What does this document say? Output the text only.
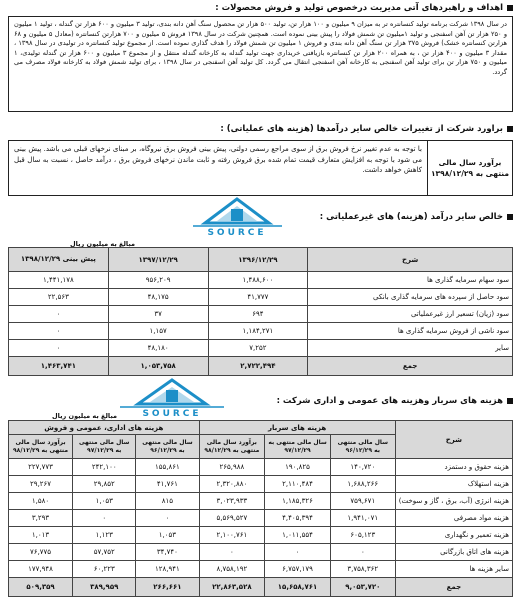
اهداف و راهبردهای آتی مدیریت درخصوص تولید و فروش محصولات :
در سال ۱۳۹۸ شرکت برنامه تولید کنسانتره تر به میزان ۹ میلیون و ۱۰۰ هزار تن، تولید ۵۰۰ هزار تن محصول سنگ آهن دانه بندی، تولید ۳ میلیون و ۶۰۰ هزار تن گندله ، تولید ۱ میلیون و ۲۵۰ هزار تن آهن اسفنجی و تولید ۱میلیون تن شمش فولاد را پیش بینی نموده است. همچنین شرکت در سال ۱۳۹۸ فروش ۵ میلیون و ۷۰۰ هزارتن کنسانتره (معادل ۵ میلیون و ۶۸ هزارتن کنسانتره خشک) فروش ۳۷۵ هزار تن سنگ آهن دانه بندی و فروش ۱ میلیون تن شمش فولاد را هدف گذاری نموده است. از مجموع تولید کنسانتره در تولیدی در سال ۱۳۹۸ ، مقدار ۳ میلیون و ۴۰۰ هزار تن ، به همراه ۲۰۰ هزار تن کنسانتره بازیافتی خریداری جهت تولید گندله به کارخانه گندله منتقل و از مجموع ۳ میلیون و ۶۰۰ هزار تن گندله تولیدی، ۱ میلیون و ۷۵۰ هزار تن برای تولید آهن اسفنجی به کارخانه آهن اسفنجی انتقال می گردد. کل تولید آهن اسفنجی در سال ۱۳۹۸ ، برای تولید شمش فولاد به کارخانه فولاد مصرف می گردد.
براورد شرکت از تغییرات خالص سایر درآمدها (هزینه های عملیاتی) :
برآورد سال مالی منتهی به ۱۳۹۸/۱۲/۲۹
با توجه به عدم تغییر نرخ فروش برق از سوی مراجع رسمی دولتی، پیش بینی فروش برق نیروگاه، بر مبنای نرخهای قبلی می باشد. پیش بینی می شود با توجه به افزایش متعارف قیمت تمام شده برق فروش رفته و ثابت ماندن نرخهای فروش برق ، درآمد حاصل ، نسبت به سال قبل کاهش خواهد داشت.
SOURCE
خالص سایر درآمد (هزینه) های غیرعملیاتی :
مبالغ به میلیون ریال
شرح	۱۳۹۶/۱۲/۲۹	۱۳۹۷/۱۲/۲۹	پیش بینی ۱۳۹۸/۱۲/۲۹
سود سهام سرمایه گذاری ها	۱,۴۸۸,۶۰۰	۹۵۶,۲۰۹	۱,۴۴۱,۱۷۸
سود حاصل از سپرده های سرمایه گذاری بانکی	۴۱,۷۷۷	۴۸,۱۷۵	۲۲,۵۶۳
سود (زیان) تسعیر ارز غیرعملیاتی	۶۹۴	۳۷	۰
سود ناشی از فروش سرمایه گذاری ها	۱,۱۸۴,۲۷۱	۱,۱۵۷	۰
سایر	۷,۲۵۲	۴۸,۱۸۰	۰
جمع	۲,۷۲۲,۴۹۴	۱,۰۵۳,۷۵۸	۱,۴۶۳,۷۴۱
SOURCE
هزینه های سربار وهزینه های عمومی و اداری شرکت :
مبالغ به میلیون ریال
شرح	هزینه های سربار			هزینه های اداری، عمومی و فروش		
	سال مالی منتهی به ۹۶/۱۲/۲۹	سال مالی منتهی به ۹۷/۱۲/۲۹	برآورد سال مالی منتهی به ۹۸/۱۲/۲۹	سال مالی منتهی به ۹۶/۱۲/۲۹	سال مالی منتهی به ۹۷/۱۲/۲۹	برآورد سال مالی منتهی به ۹۸/۱۲/۲۹
هزینه حقوق و دستمزد	۱۴۰,۷۲۰	۱۹۰,۸۲۵	۲۶۵,۹۸۸	۱۵۵,۸۶۱	۲۴۲,۱۰۰	۲۲۷,۷۷۳
هزینه استهلاک	۱,۶۸۸,۲۶۶	۲,۱۱۰,۴۸۴	۲,۳۲۰,۸۸۰	۴۱,۷۶۱	۲۹,۸۵۲	۲۹,۲۶۷
هزینه انرژی (آب، برق ، گاز و سوخت)	۷۵۹,۶۷۱	۱,۱۸۵,۳۲۶	۳,۰۲۳,۹۳۳	۸۱۵	۱,۰۵۳	۱,۵۸۰
هزینه مواد مصرفی	۱,۹۴۱,۰۷۱	۴,۴۰۵,۳۹۴	۵,۵۶۹,۵۲۷	۰	۰	۳,۲۹۳
هزینه تعمیر و نگهداری	۶۰۵,۱۲۳	۱,۰۱۱,۵۵۴	۲,۱۰۰,۷۶۱	۱,۰۵۳	۱,۱۲۳	۱,۰۱۳
هزینه های اتاق بازرگانی	۰	۰	۰	۳۴,۷۴۰	۵۷,۷۵۲	۷۶,۷۷۵
سایر هزینه ها	۳,۷۵۸,۳۶۲	۶,۷۵۷,۱۷۹	۸,۷۵۸,۱۹۲	۱۲۸,۹۴۱	۶۰,۲۲۳	۱۷۷,۹۴۸
جمع	۹,۰۵۳,۷۲۰	۱۵,۶۵۸,۷۶۱	۲۲,۸۶۳,۵۲۸	۲۶۶,۶۶۱	۳۸۹,۹۵۹	۵۰۹,۳۵۹
